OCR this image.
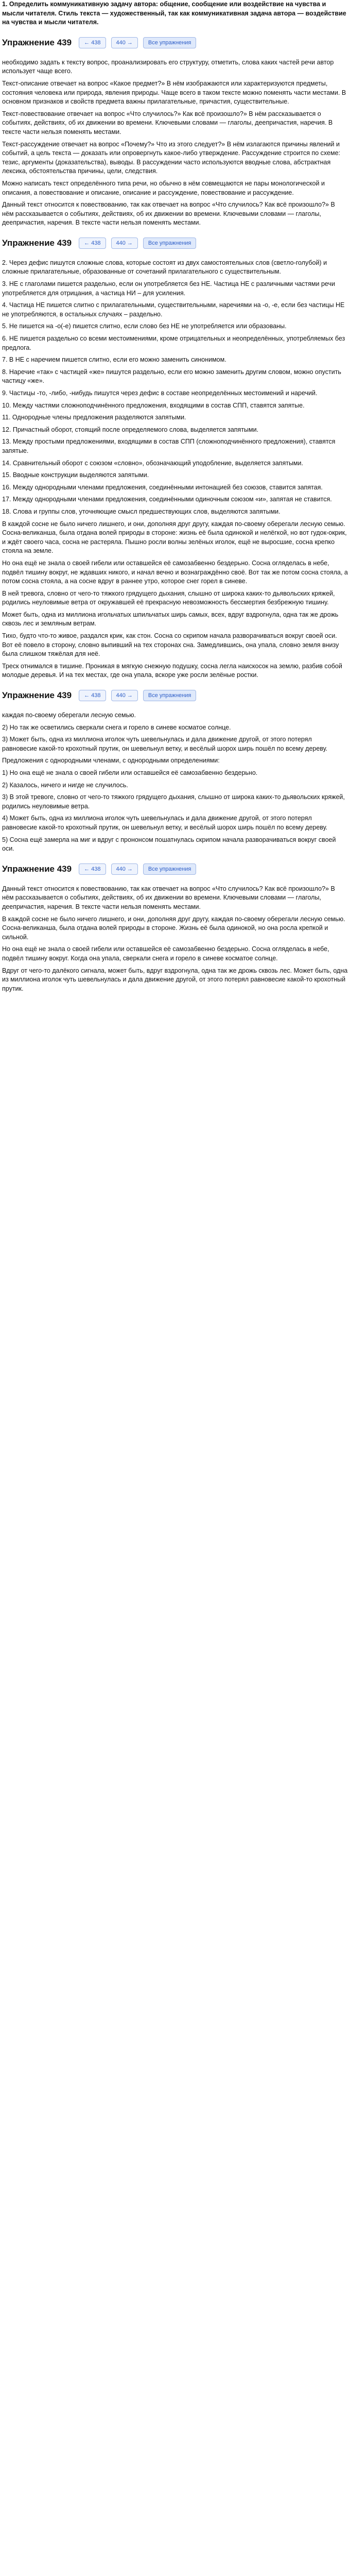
1. Определить коммуникативную задачу автора: общение, сообщение или воздействие на чувства и мысли читателя. Стиль текста — художественный, так как коммуникативная задача автора — воздействие на чувства и мысли читателя.

Упражнение 439	← 438	440 →	Все упражнения

необходимо задать к тексту вопрос, проанализировать его структуру, отметить, слова каких частей речи автор использует чаще всего.

Текст-описание отвечает на вопрос «Какое предмет?» В нём изображаются или характеризуются предметы, состояния человека или природа, явления природы. Чаще всего в таком тексте можно поменять части местами. В основном признаков и свойств предмета важны прилагательные, причастия, существительные.

Текст-повествование отвечает на вопрос «Что случилось?» Как всё произошло?» В нём рассказывается о событиях, действиях, об их движении во времени. Ключевыми словами — глаголы, деепричастия, наречия. В тексте части нельзя поменять местами.

Текст-рассуждение отвечает на вопрос «Почему?» Что из этого следует?» В нём излагаются причины явлений и событий, а цель текста — доказать или опровергнуть какое-либо утверждение. Рассуждение строится по схеме: тезис, аргументы (доказательства), выводы. В рассуждении часто используются вводные слова, абстрактная лексика, обстоятельства причины, цели, следствия.

Можно написать текст определённого типа речи, но обычно в нём совмещаются не пары монологической и описания, а повествование и описание, описание и рассуждение, повествование и рассуждение.

Данный текст относится к повествованию, так как отвечает на вопрос «Что случилось? Как всё произошло?» В нём рассказывается о событиях, действиях, об их движении во времени. Ключевыми словами — глаголы, деепричастия, наречия. В тексте части нельзя поменять местами.

Упражнение 439	← 438	440 →	Все упражнения

2. Через дефис пишутся сложные слова, которые состоят из двух самостоятельных слов (светло-голубой) и сложные прилагательные, образованные от сочетаний прилагательного с существительным.

3. НЕ с глаголами пишется раздельно, если он употребляется без НЕ. Частица НЕ с различными частями речи употребляется для отрицания, а частица НИ – для усиления.

4. Частица НЕ пишется слитно с прилагательными, существительными, наречиями на -о, -е, если без частицы НЕ не употребляются, в остальных случаях – раздельно.

5. Не пишется на -о(-е) пишется слитно, если слово без НЕ не употребляется или образованы.

6. НЕ пишется раздельно со всеми местоимениями, кроме отрицательных и неопределённых, употребляемых без предлога.

7. В НЕ с наречием пишется слитно, если его можно заменить синонимом.

8. Наречие «так» с частицей «же» пишутся раздельно, если его можно заменить другим словом, можно опустить частицу «же».

9. Частицы -то, -либо, -нибудь пишутся через дефис в составе неопределённых местоимений и наречий.

10. Между частями сложноподчинённого предложения, входящими в состав СПП, ставятся запятые.

11. Однородные члены предложения разделяются запятыми.

12. Причастный оборот, стоящий после определяемого слова, выделяется запятыми.

13. Между простыми предложениями, входящими в состав СПП (сложноподчинённого предложения), ставятся запятые.

14. Сравнительный оборот с союзом «словно», обозначающий уподобление, выделяется запятыми.

15. Вводные конструкции выделяются запятыми.

16. Между однородными членами предложения, соединёнными интонацией без союзов, ставится запятая.

17. Между однородными членами предложения, соединёнными одиночным союзом «и», запятая не ставится.

18. Слова и группы слов, уточняющие смысл предшествующих слов, выделяются запятыми.

В каждой сосне не было ничего лишнего, и они, дополняя друг другу, каждая по-своему оберегали лесную семью. Сосна-великанша, была отдана волей природы в стороне: жизнь её была одинокой и нелёгкой, но вот гудок-окрик, и ждёт своего часа, сосна не растеряла. Пышно росли волны зелёных иголок, ещё не выросшие, сосна крепко стояла на земле.

Но она ещё не знала о своей гибели или оставшейся её самозабвенно бездерьно. Сосна огляделась в небе, подвёл тишину вокруг, не ждавших никого, и начал вечно и вознаграждённо своё. Вот так же потом сосна стояла, а потом сосна стояла, а на сосне вдруг в раннее утро, которое снег горел в синеве.

В ней тревога, словно от чего-то тяжкого грядущего дыхания, слышно от широка каких-то дьявольских кряжей, родились неуловимые ветра от окружавшей её прекрасную невозможность бессмертия безбрежную тишину.

Может быть, одна из миллиона игольчатых шпильчатых ширь самых, всех, вдруг вздрогнула, одна так же дрожь сквозь лес и земляным ветрам.

Тихо, будто что-то живое, раздался крик, как стон. Сосна со скрипом начала разворачиваться вокруг своей оси. Вот её повело в сторону, словно выпивший на тех сторонах сна. Замедлившись, она упала, словно земля внизу была слишком тяжёлая для неё.

Треск отнимался в тишине. Проникая в мягкую снежную подушку, сосна легла наискосок на землю, разбив собой молодые деревья. И на тех местах, где она упала, вскоре уже росли зелёные ростки.

Упражнение 439	← 438	440 →	Все упражнения

каждая по-своему оберегали лесную семью.

2) Но так же осветились сверкали снега и горело в синеве косматое солнце.

3) Может быть, одна из миллиона иголок чуть шевельнулась и дала движение другой, от этого потерял равновесие какой-то крохотный прутик, он шевельнул ветку, и весёлый шорох ширь пошёл по всему дереву.

Предложения с однородными членами, с однородными определениями:

1) Но она ещё не знала о своей гибели или оставшейся её самозабвенно бездерьно.

2) Казалось, ничего и нигде не случилось.

3) В этой тревоге, словно от чего-то тяжкого грядущего дыхания, слышно от широка каких-то дьявольских кряжей, родились неуловимые ветра.

4) Может быть, одна из миллиона иголок чуть шевельнулась и дала движение другой, от этого потерял равновесие какой-то крохотный прутик, он шевельнул ветку, и весёлый шорох ширь пошёл по всему дереву.

5) Сосна ещё замерла на миг и вдруг с прононсом пошатнулась скрипом начала разворачиваться вокруг своей оси.

Упражнение 439	← 438	440 →	Все упражнения

Данный текст относится к повествованию, так как отвечает на вопрос «Что случилось? Как всё произошло?» В нём рассказывается о событиях, действиях, об их движении во времени. Ключевыми словами — глаголы, деепричастия, наречия. В тексте части нельзя поменять местами.

В каждой сосне не было ничего лишнего, и они, дополняя друг другу, каждая по-своему оберегали лесную семью. Сосна-великанша, была отдана волей природы в стороне. Жизнь её была одинокой, но она росла крепкой и сильной.

Но она ещё не знала о своей гибели или оставшейся её самозабвенно бездерьно. Сосна огляделась в небе, подвёл тишину вокруг. Когда она упала, сверкали снега и горело в синеве косматое солнце.

Вдруг от чего-то далёкого сигнала, может быть, вдруг вздрогнула, одна так же дрожь сквозь лес. Может быть, одна из миллиона иголок чуть шевельнулась и дала движение другой, от этого потерял равновесие какой-то крохотный прутик.
